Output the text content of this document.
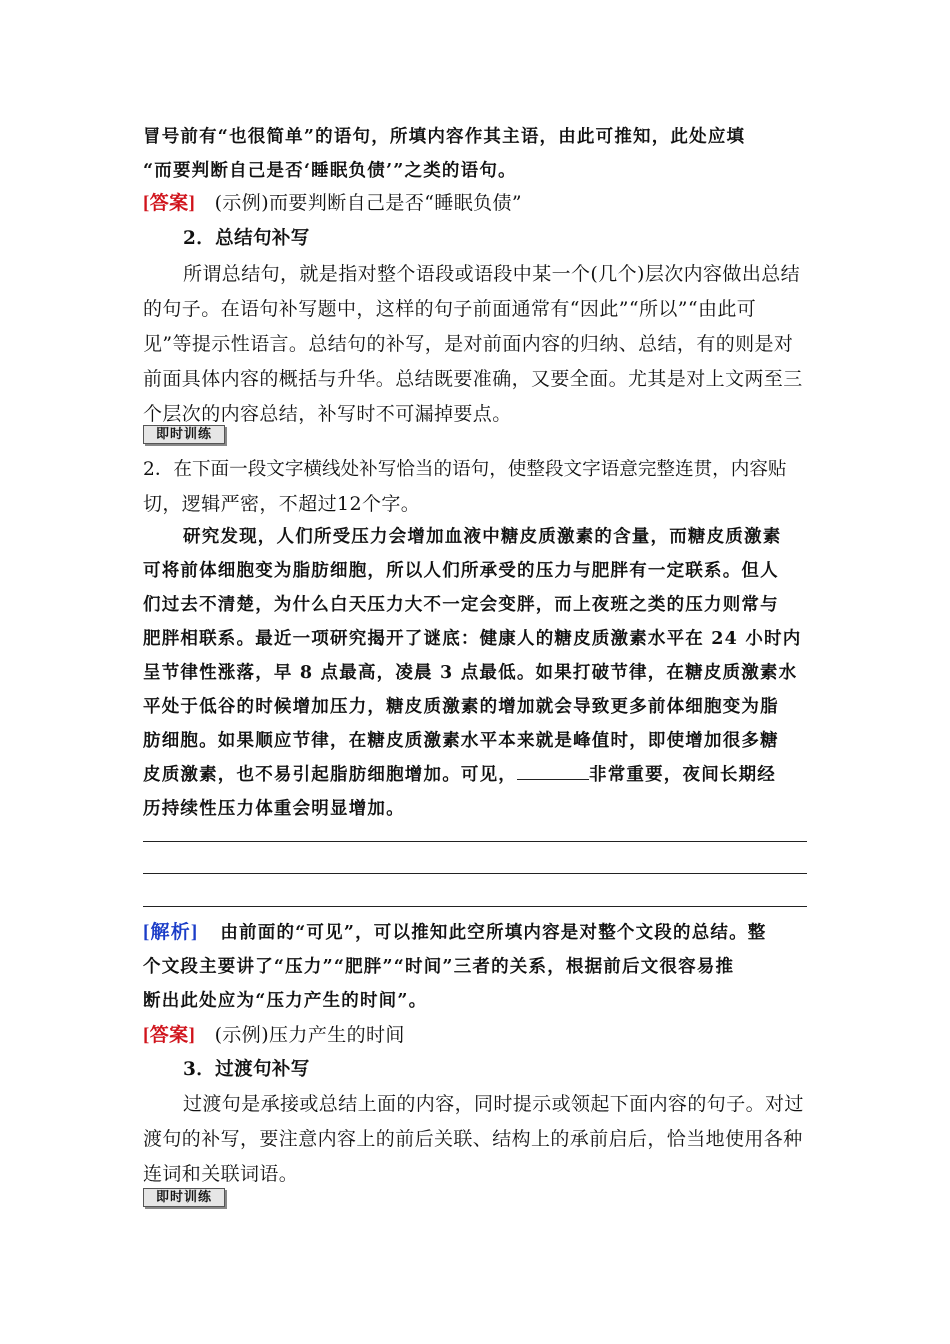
冒号前有“也很简单”的语句，所填内容作其主语，由此可推知，此处应填
“而要判断自己是否‘睡眠负债’”之类的语句。
[答案] (示例)而要判断自己是否“睡眠负债”
2．总结句补写
所谓总结句，就是指对整个语段或语段中某一个(几个)层次内容做出总结
的句子。在语句补写题中，这样的句子前面通常有“因此”“所以”“由此可
见”等提示性语言。总结句的补写，是对前面内容的归纳、总结，有的则是对
前面具体内容的概括与升华。总结既要准确，又要全面。尤其是对上文两至三
个层次的内容总结，补写时不可漏掉要点。
即时训练
2．在下面一段文字横线处补写恰当的语句，使整段文字语意完整连贯，内容贴
切，逻辑严密，不超过12个字。
研究发现，人们所受压力会增加血液中糖皮质激素的含量，而糖皮质激素
可将前体细胞变为脂肪细胞，所以人们所承受的压力与肥胖有一定联系。但人
们过去不清楚，为什么白天压力大不一定会变胖，而上夜班之类的压力则常与
肥胖相联系。最近一项研究揭开了谜底：健康人的糖皮质激素水平在 24 小时内
呈节律性涨落，早 8 点最高，凌晨 3 点最低。如果打破节律，在糖皮质激素水
平处于低谷的时候增加压力，糖皮质激素的增加就会导致更多前体细胞变为脂
肪细胞。如果顺应节律，在糖皮质激素水平本来就是峰值时，即使增加很多糖
皮质激素，也不易引起脂肪细胞增加。可见，	非常重要，夜间长期经
历持续性压力体重会明显增加。
[解析] 由前面的“可见”，可以推知此空所填内容是对整个文段的总结。整
个文段主要讲了“压力”“肥胖”“时间”三者的关系，根据前后文很容易推
断出此处应为“压力产生的时间”。
[答案] (示例)压力产生的时间
3．过渡句补写
过渡句是承接或总结上面的内容，同时提示或领起下面内容的句子。对过
渡句的补写，要注意内容上的前后关联、结构上的承前启后，恰当地使用各种
连词和关联词语。
即时训练
